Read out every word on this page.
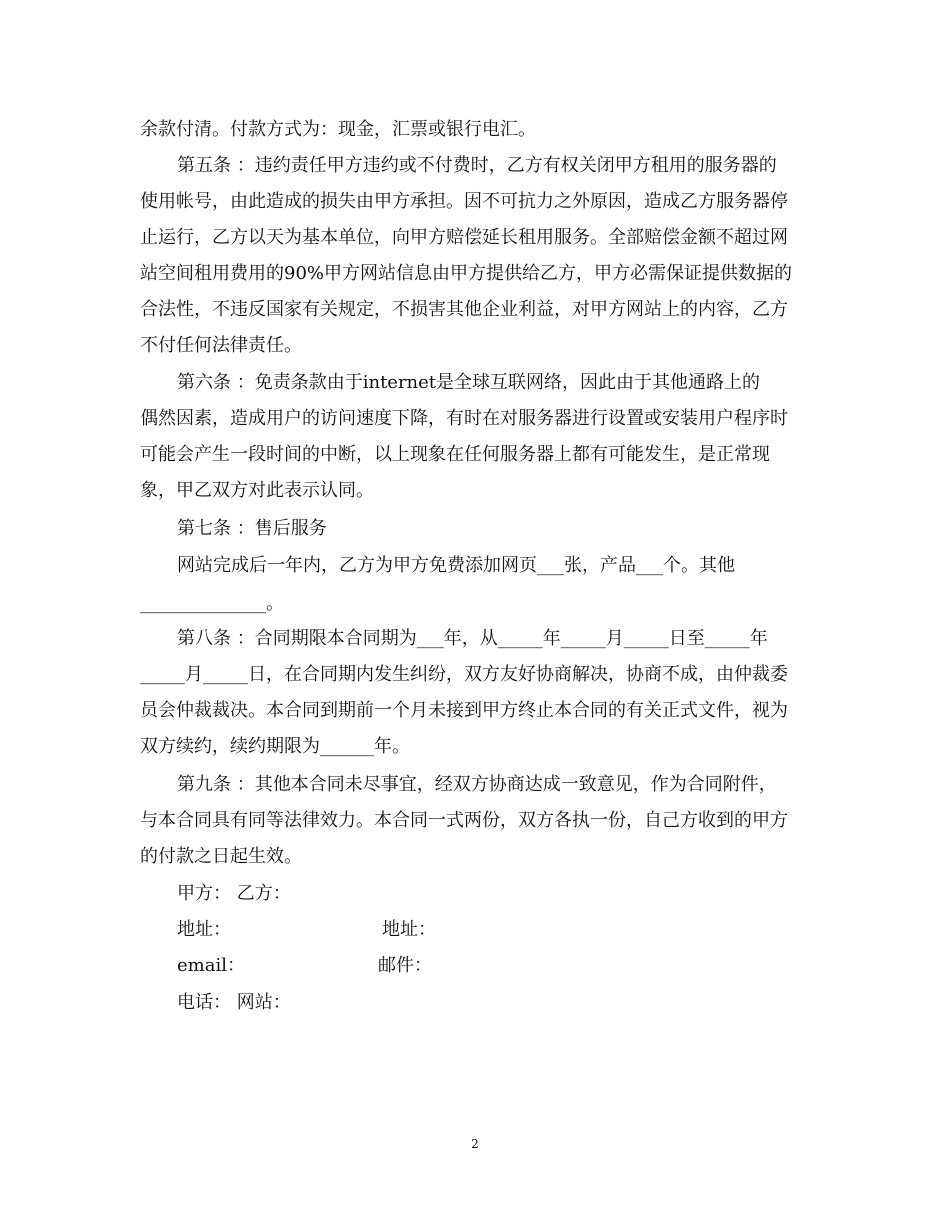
余款付清。付款方式为：现金，汇票或银行电汇。
第五条 ：违约责任甲方违约或不付费时，乙方有权关闭甲方租用的服务器的
使用帐号，由此造成的损失由甲方承担。因不可抗力之外原因，造成乙方服务器停
止运行，乙方以天为基本单位，向甲方赔偿延长租用服务。全部赔偿金额不超过网
站空间租用费用的90%甲方网站信息由甲方提供给乙方，甲方必需保证提供数据的
合法性，不违反国家有关规定，不损害其他企业利益，对甲方网站上的内容，乙方
不付任何法律责任。
第六条 ：免责条款由于internet是全球互联网络，因此由于其他通路上的
偶然因素，造成用户的访问速度下降，有时在对服务器进行设置或安装用户程序时
可能会产生一段时间的中断，以上现象在任何服务器上都有可能发生，是正常现
象，甲乙双方对此表示认同。
第七条 ：售后服务
网站完成后一年内，乙方为甲方免费添加网页___张，产品___个。其他
______________。
第八条 ：合同期限本合同期为___年，从_____年_____月_____日至_____年
_____月_____日，在合同期内发生纠纷，双方友好协商解决，协商不成，由仲裁委
员会仲裁裁决。本合同到期前一个月未接到甲方终止本合同的有关正式文件，视为
双方续约，续约期限为______年。
第九条 ：其他本合同未尽事宜，经双方协商达成一致意见，作为合同附件，
与本合同具有同等法律效力。本合同一式两份，双方各执一份，自己方收到的甲方
的付款之日起生效。
甲方： 乙方：
地址：	地址：
email：	邮件：
电话： 网站：
2
